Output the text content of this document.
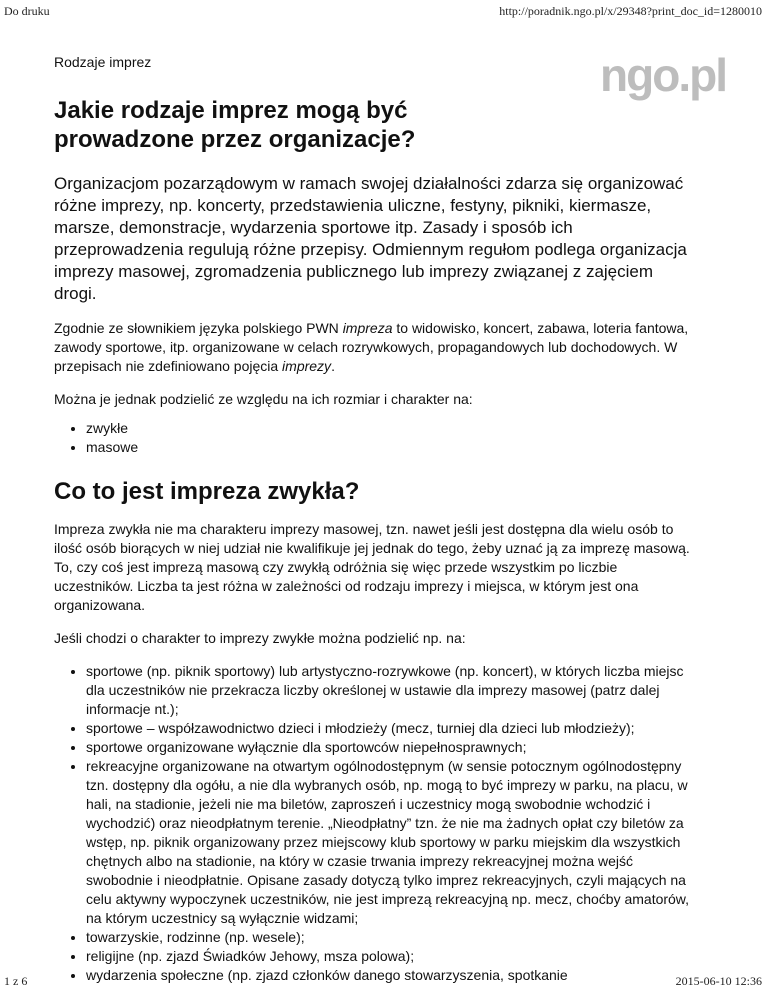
Do druku	http://poradnik.ngo.pl/x/29348?print_doc_id=1280010
ngo.pl
Rodzaje imprez
Jakie rodzaje imprez mogą być prowadzone przez organizacje?
Organizacjom pozarządowym w ramach swojej działalności zdarza się organizować różne imprezy, np. koncerty, przedstawienia uliczne, festyny, pikniki, kiermasze, marsze, demonstracje, wydarzenia sportowe itp. Zasady i sposób ich przeprowadzenia regulują różne przepisy. Odmiennym regułom podlega organizacja imprezy masowej, zgromadzenia publicznego lub imprezy związanej z zajęciem drogi.

Zgodnie ze słownikiem języka polskiego PWN impreza to widowisko, koncert, zabawa, loteria fantowa, zawody sportowe, itp. organizowane w celach rozrywkowych, propagandowych lub dochodowych. W przepisach nie zdefiniowano pojęcia imprezy.

Można je jednak podzielić ze względu na ich rozmiar i charakter na:

• zwykłe
• masowe
Co to jest impreza zwykła?

Impreza zwykła nie ma charakteru imprezy masowej, tzn. nawet jeśli jest dostępna dla wielu osób to ilość osób biorących w niej udział nie kwalifikuje jej jednak do tego, żeby uznać ją za imprezę masową. To, czy coś jest imprezą masową czy zwykłą odróżnia się więc przede wszystkim po liczbie uczestników. Liczba ta jest różna w zależności od rodzaju imprezy i miejsca, w którym jest ona organizowana.

Jeśli chodzi o charakter to imprezy zwykłe można podzielić np. na:

• sportowe (np. piknik sportowy) lub artystyczno-rozrywkowe (np. koncert), w których liczba miejsc dla uczestników nie przekracza liczby określonej w ustawie dla imprezy masowej (patrz dalej informacje nt.);
• sportowe – współzawodnictwo dzieci i młodzieży (mecz, turniej dla dzieci lub młodzieży);
• sportowe organizowane wyłącznie dla sportowców niepełnosprawnych;
• rekreacyjne organizowane na otwartym ogólnodostępnym (w sensie potocznym ogólnodostępny tzn. dostępny dla ogółu, a nie dla wybranych osób, np. mogą to być imprezy w parku, na placu, w hali, na stadionie, jeżeli nie ma biletów, zaproszeń i uczestnicy mogą swobodnie wchodzić i wychodzić) oraz nieodpłatnym terenie. „Nieodpłatny” tzn. że nie ma żadnych opłat czy biletów za wstęp, np. piknik organizowany przez miejscowy klub sportowy w parku miejskim dla wszystkich chętnych albo na stadionie, na który w czasie trwania imprezy rekreacyjnej można wejść swobodnie i nieodpłatnie. Opisane zasady dotyczą tylko imprez rekreacyjnych, czyli mających na celu aktywny wypoczynek uczestników, nie jest imprezą rekreacyjną np. mecz, choćby amatorów, na którym uczestnicy są wyłącznie widzami;
• towarzyskie, rodzinne (np. wesele);
• religijne (np. zjazd Świadków Jehowy, msza polowa);
• wydarzenia społeczne (np. zjazd członków danego stowarzyszenia, spotkanie
1 z 6	2015-06-10 12:36
